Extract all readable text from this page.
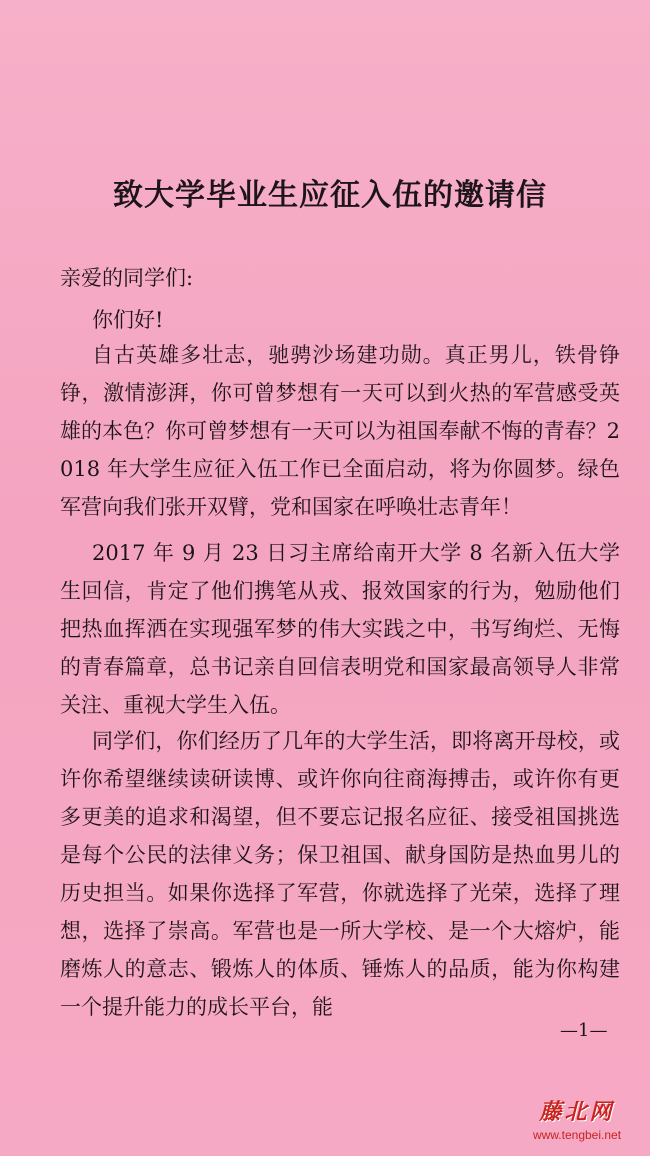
致大学毕业生应征入伍的邀请信
亲爱的同学们:
你们好!
自古英雄多壮志，驰骋沙场建功勋。真正男儿，铁骨铮铮，激情澎湃，你可曾梦想有一天可以到火热的军营感受英雄的本色？你可曾梦想有一天可以为祖国奉献不悔的青春？2018 年大学生应征入伍工作已全面启动，将为你圆梦。绿色军营向我们张开双臂，党和国家在呼唤壮志青年！
2017 年 9 月 23 日习主席给南开大学 8 名新入伍大学生回信，肯定了他们携笔从戎、报效国家的行为，勉励他们把热血挥洒在实现强军梦的伟大实践之中，书写绚烂、无悔的青春篇章，总书记亲自回信表明党和国家最高领导人非常关注、重视大学生入伍。
同学们，你们经历了几年的大学生活，即将离开母校，或许你希望继续读研读博、或许你向往商海搏击，或许你有更多更美的追求和渴望，但不要忘记报名应征、接受祖国挑选是每个公民的法律义务；保卫祖国、献身国防是热血男儿的历史担当。如果你选择了军营，你就选择了光荣，选择了理想，选择了崇高。军营也是一所大学校、是一个大熔炉，能磨炼人的意志、锻炼人的体质、锤炼人的品质，能为你构建一个提升能力的成长平台，能
—1—
藤北网
www.tengbei.net
